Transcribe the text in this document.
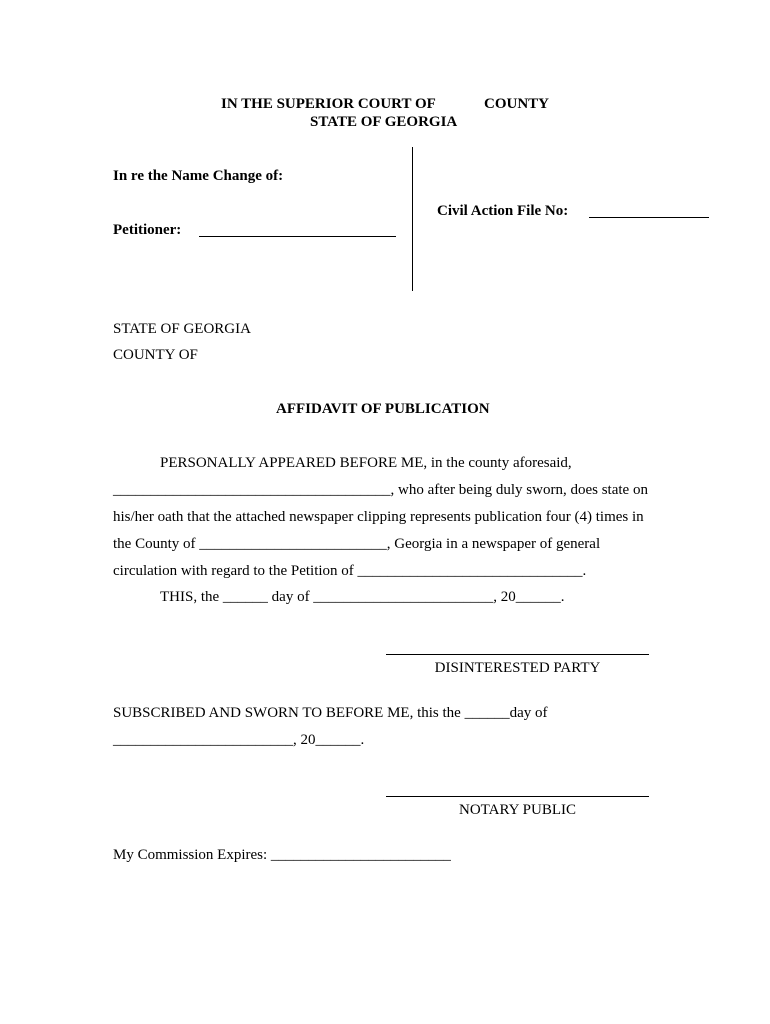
IN THE SUPERIOR COURT OF	COUNTY
STATE OF GEORGIA
In re the Name Change of:
Civil Action File No:
Petitioner:
STATE OF GEORGIA
COUNTY OF
AFFIDAVIT OF PUBLICATION
PERSONALLY APPEARED BEFORE ME, in the county aforesaid,
_____________________________________, who after being duly sworn, does state on
his/her oath that the attached newspaper clipping represents publication four (4) times in
the County of _________________________, Georgia in a newspaper of general
circulation with regard to the Petition of ______________________________.
THIS, the ______ day of ________________________, 20______.
DISINTERESTED PARTY
SUBSCRIBED AND SWORN TO BEFORE ME, this the ______day of
________________________, 20______.
NOTARY PUBLIC
My Commission Expires: ________________________
